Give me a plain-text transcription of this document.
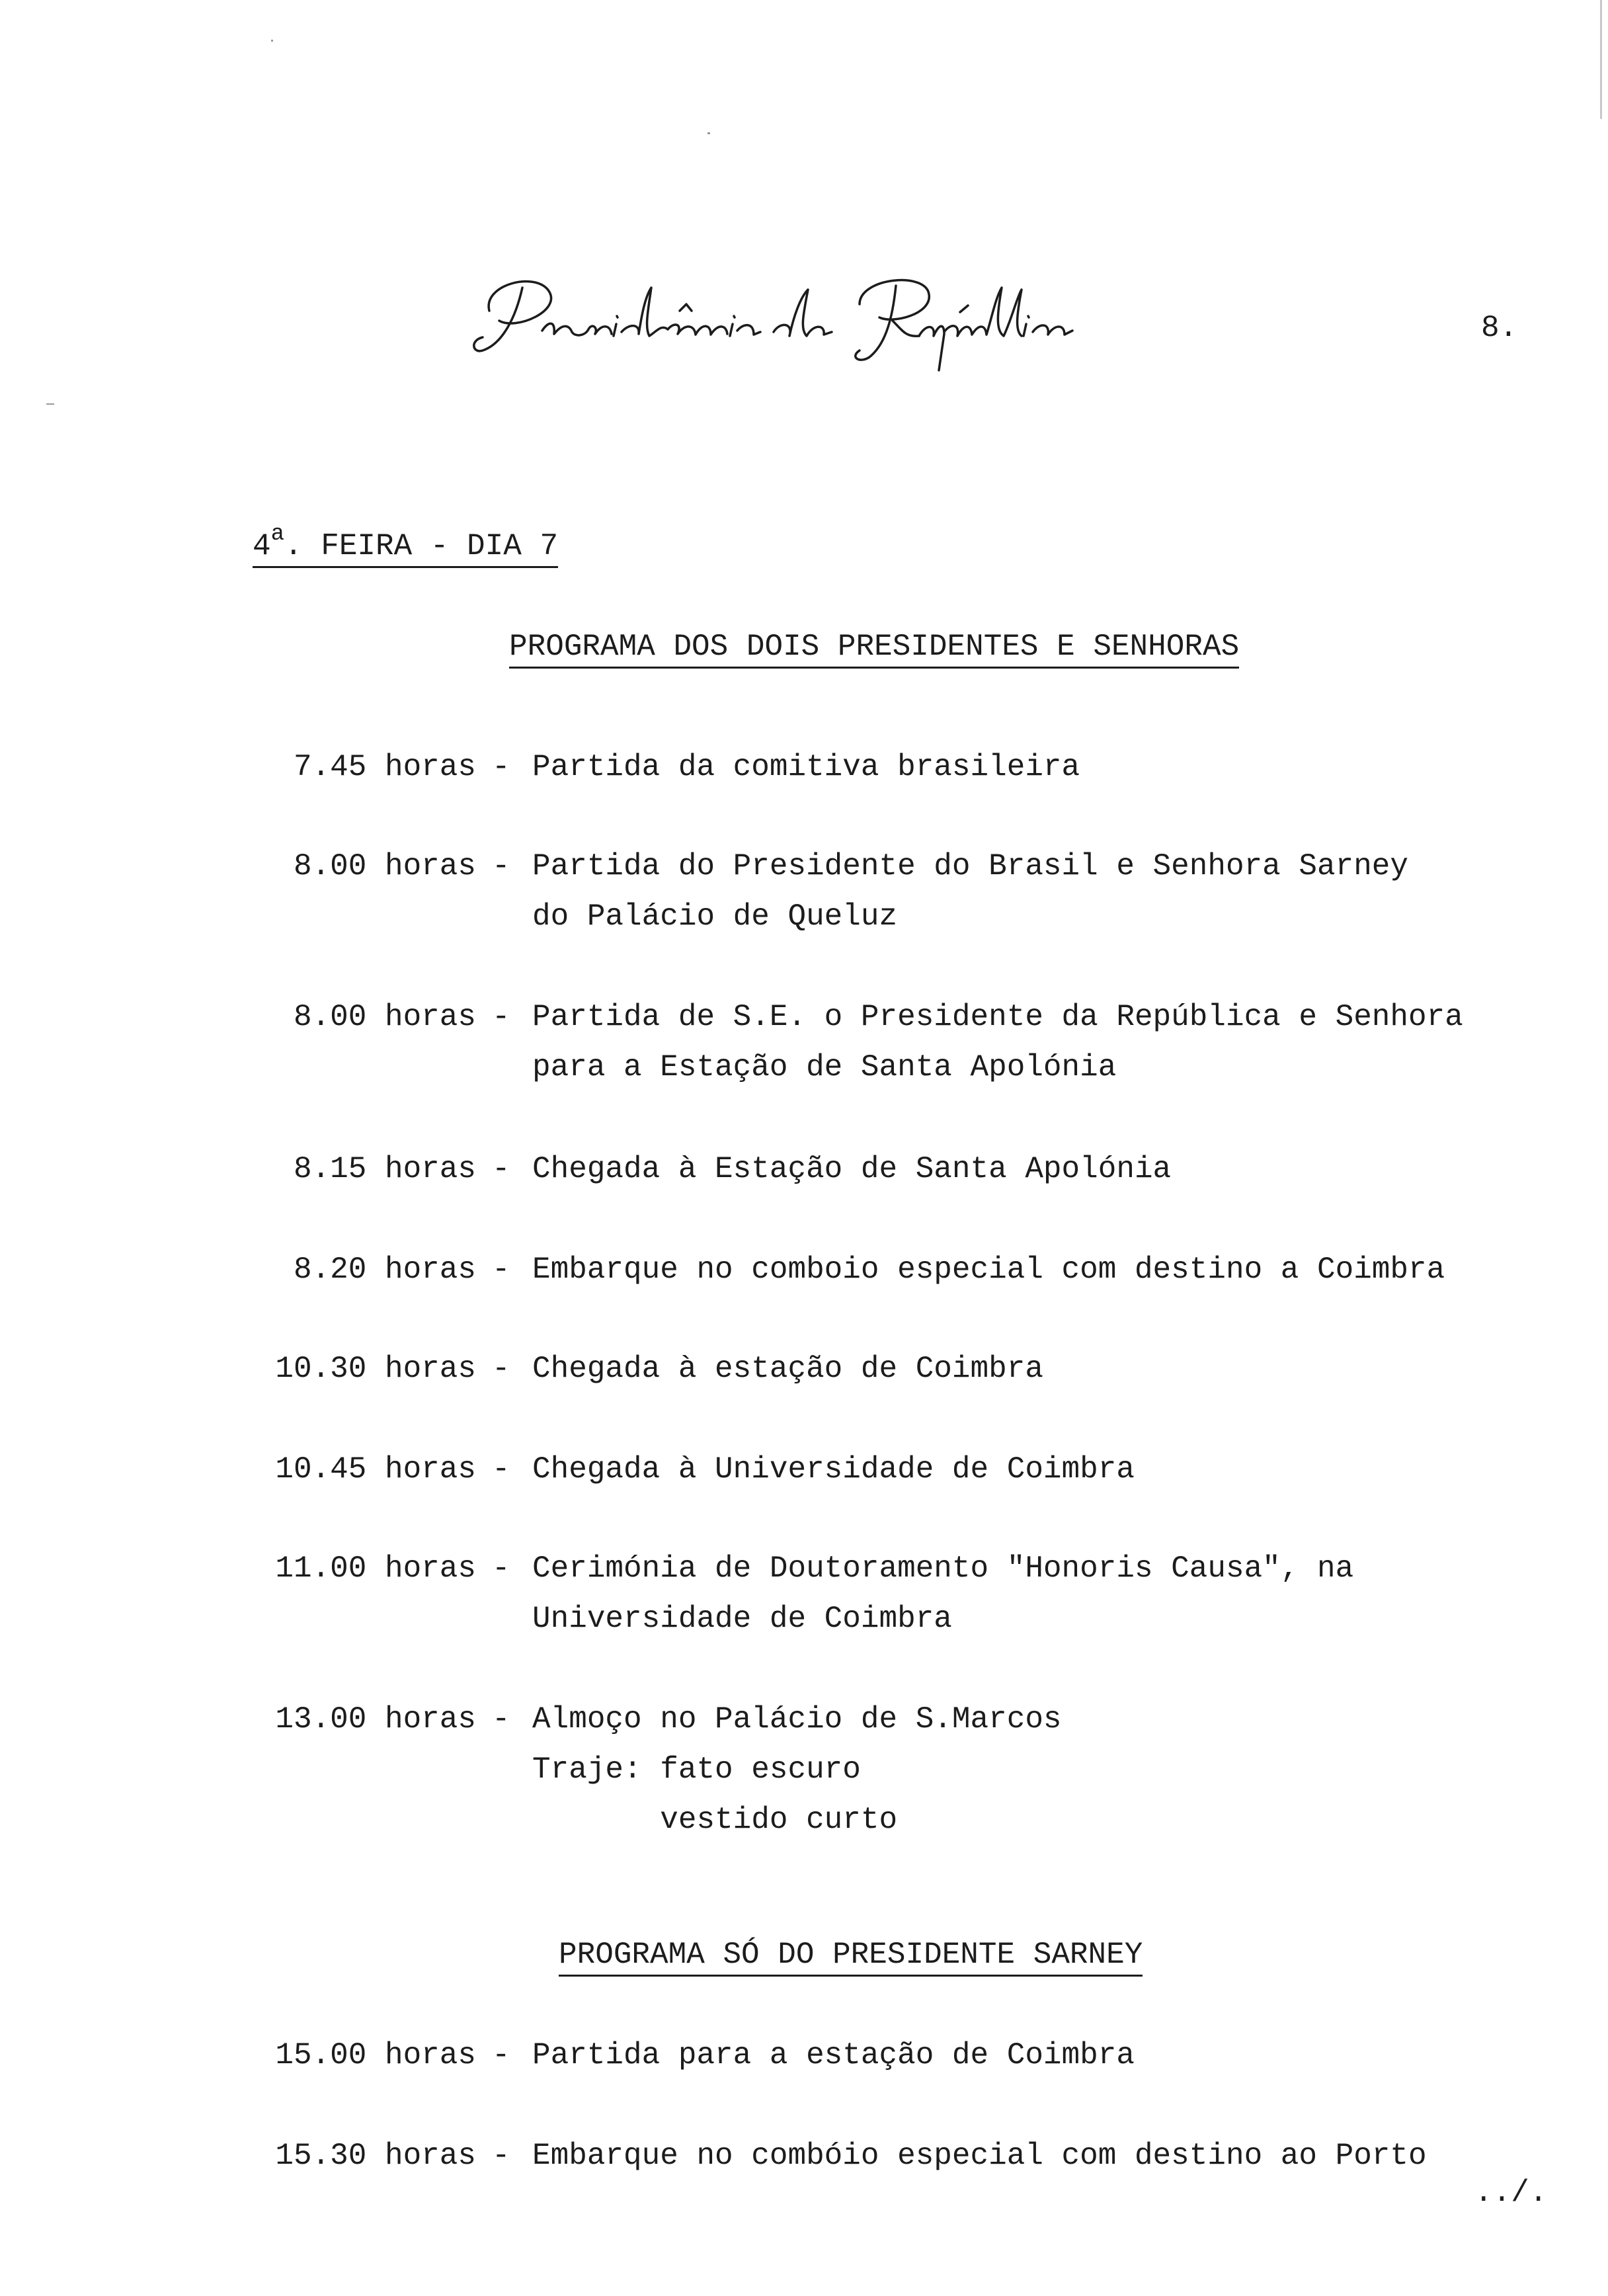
8.
4$^a$. FEIRA - DIA 7
PROGRAMA DOS DOIS PRESIDENTES E SENHORAS
7.45 horas - Partida da comitiva brasileira
8.00 horas - Partida do Presidente do Brasil e Senhora Sarney
do Palácio de Queluz
8.00 horas - Partida de S.E. o Presidente da República e Senhora
para a Estação de Santa Apolónia
8.15 horas - Chegada à Estação de Santa Apolónia
8.20 horas - Embarque no comboio especial com destino a Coimbra
10.30 horas - Chegada à estação de Coimbra
10.45 horas - Chegada à Universidade de Coimbra
11.00 horas - Cerimónia de Doutoramento "Honoris Causa", na
Universidade de Coimbra
13.00 horas - Almoço no Palácio de S.Marcos
Traje: fato escuro
vestido curto
PROGRAMA SÓ DO PRESIDENTE SARNEY
15.00 horas - Partida para a estação de Coimbra
15.30 horas - Embarque no combóio especial com destino ao Porto
../.
